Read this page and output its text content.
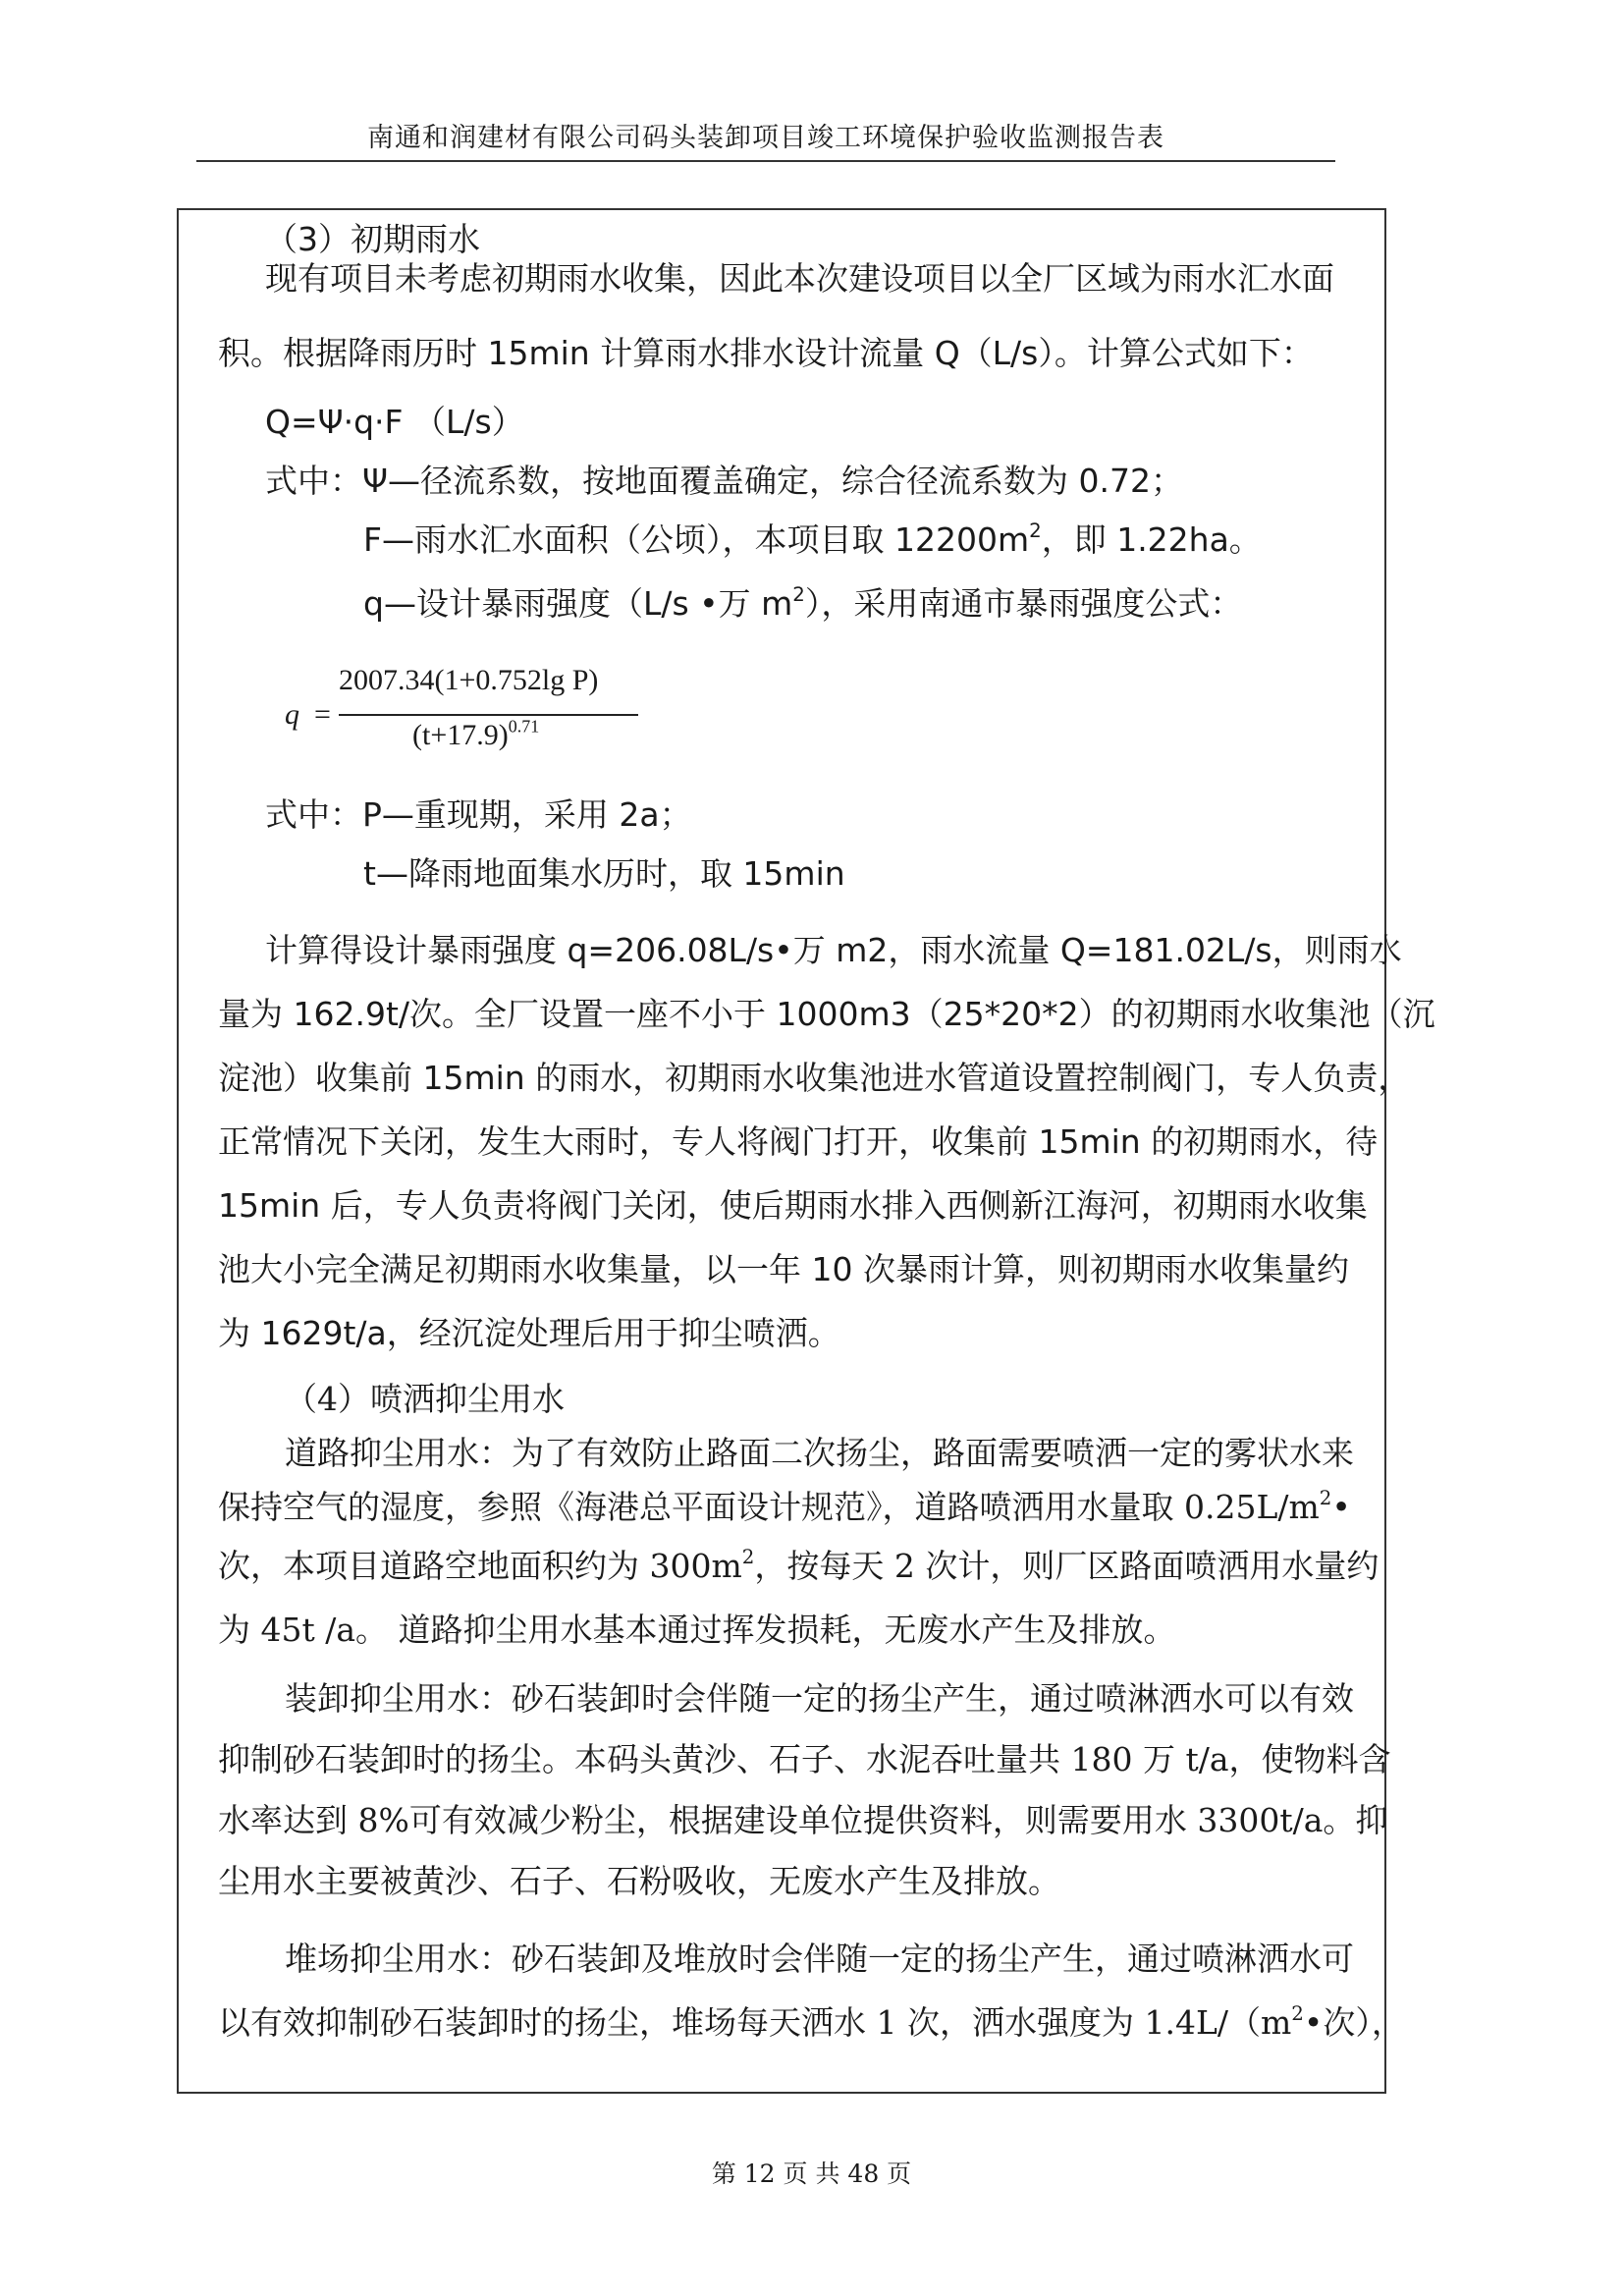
南通和润建材有限公司码头装卸项目竣工环境保护验收监测报告表
（3）初期雨水
现有项目未考虑初期雨水收集，因此本次建设项目以全厂区域为雨水汇水面
积。根据降雨历时 15min 计算雨水排水设计流量 Q（L/s）。计算公式如下：
Q=Ψ·q·F （L/s）
式中：Ψ—径流系数，按地面覆盖确定，综合径流系数为 0.72；
F—雨水汇水面积（公顷），本项目取 $12200m^2$，即 1.22ha。
q—设计暴雨强度（L/s •万 $m^2$），采用南通市暴雨强度公式：
q =
2007.34(1+0.752lg P)
$(t+17.9)^{0.71}$
式中：P—重现期，采用 2a；
t—降雨地面集水历时，取 15min
计算得设计暴雨强度 q=206.08L/s•万 m2，雨水流量 Q=181.02L/s，则雨水
量为 162.9t/次。全厂设置一座不小于 1000m3（25*20*2）的初期雨水收集池（沉
淀池）收集前 15min 的雨水，初期雨水收集池进水管道设置控制阀门，专人负责，
正常情况下关闭，发生大雨时，专人将阀门打开，收集前 15min 的初期雨水，待
15min 后，专人负责将阀门关闭，使后期雨水排入西侧新江海河，初期雨水收集
池大小完全满足初期雨水收集量，以一年 10 次暴雨计算，则初期雨水收集量约
为 1629t/a，经沉淀处理后用于抑尘喷洒。
（4）喷洒抑尘用水
道路抑尘用水：为了有效防止路面二次扬尘，路面需要喷洒一定的雾状水来
保持空气的湿度，参照《海港总平面设计规范》，道路喷洒用水量取 $0.25L/m^2•$
次，本项目道路空地面积约为 $300m^2$，按每天 2 次计，则厂区路面喷洒用水量约
为 45t /a。 道路抑尘用水基本通过挥发损耗，无废水产生及排放。
装卸抑尘用水：砂石装卸时会伴随一定的扬尘产生，通过喷淋洒水可以有效
抑制砂石装卸时的扬尘。本码头黄沙、石子、水泥吞吐量共 180 万 t/a，使物料含
水率达到 8%可有效减少粉尘，根据建设单位提供资料，则需要用水 3300t/a。抑
尘用水主要被黄沙、石子、石粉吸收，无废水产生及排放。
堆场抑尘用水：砂石装卸及堆放时会伴随一定的扬尘产生，通过喷淋洒水可
以有效抑制砂石装卸时的扬尘，堆场每天洒水 1 次，洒水强度为 $1.4L/(m^2•$次），
第 12 页 共 48 页
